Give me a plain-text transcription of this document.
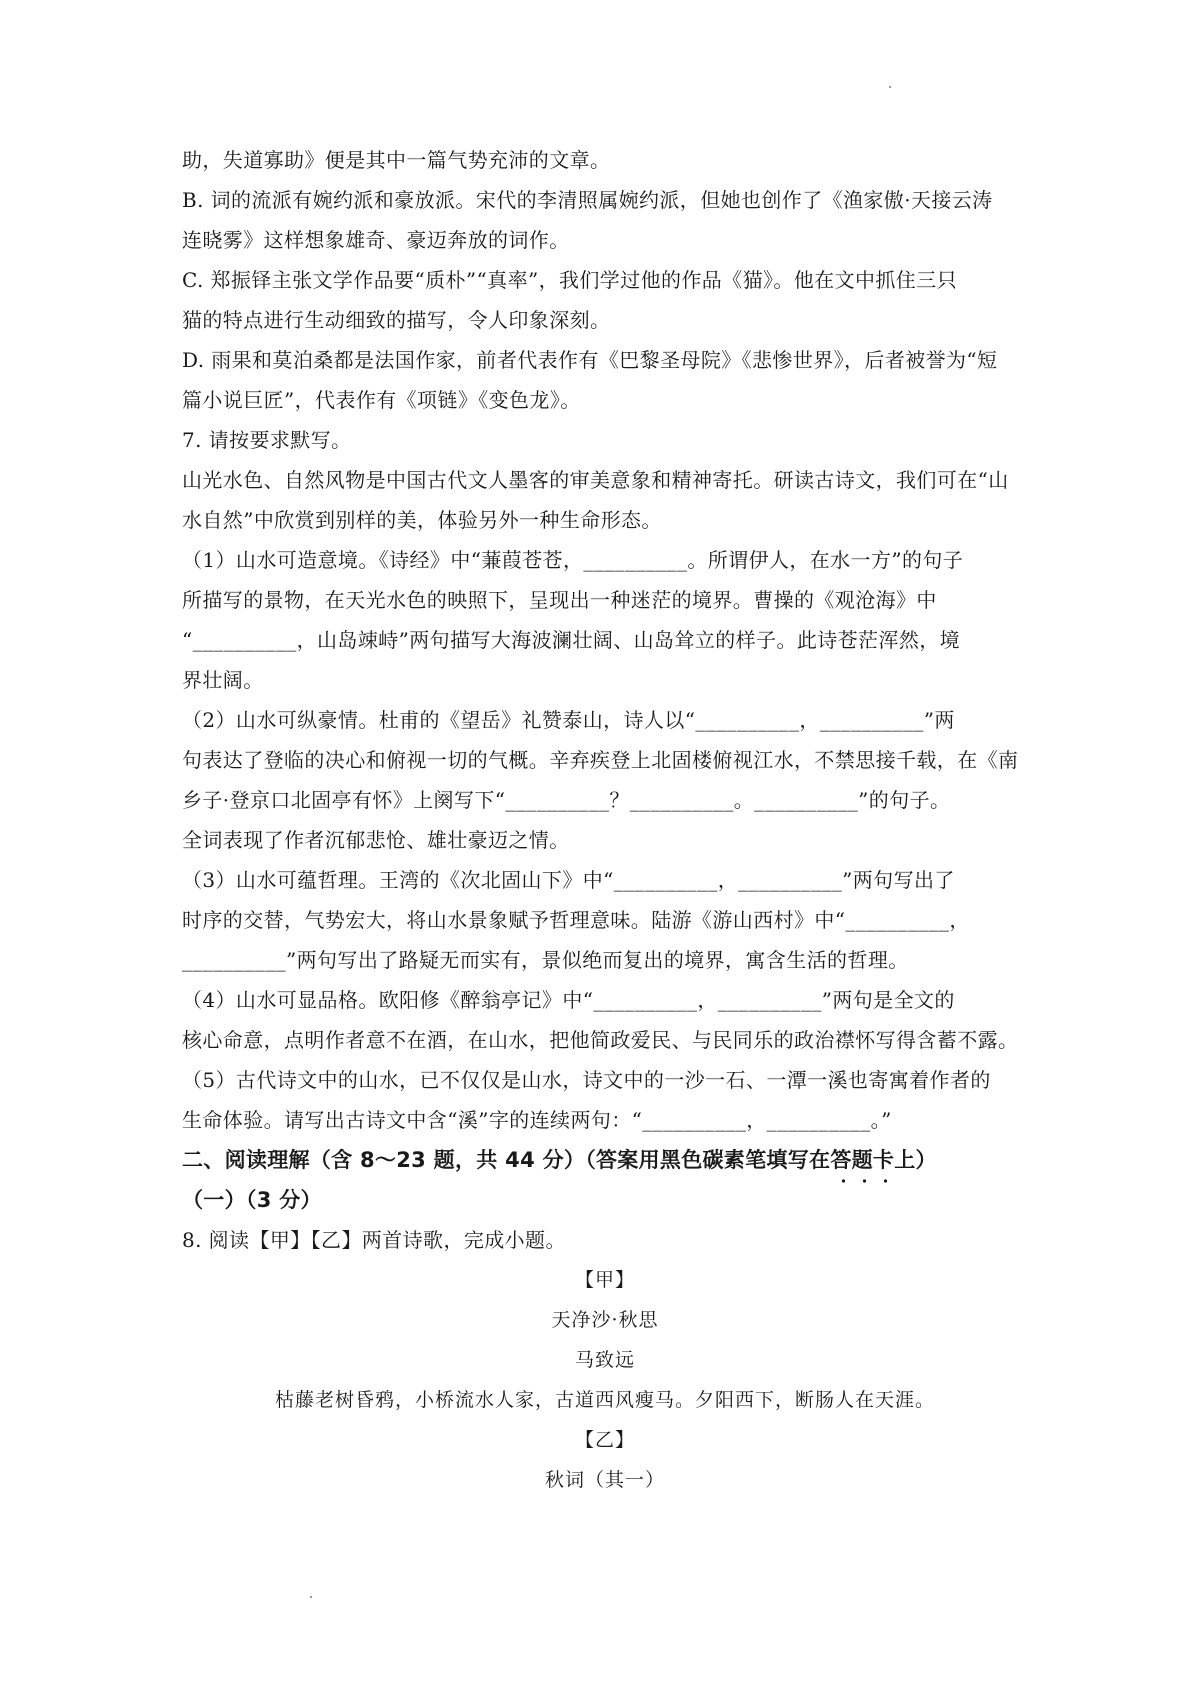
助，失道寡助》便是其中一篇气势充沛的文章。
B. 词的流派有婉约派和豪放派。宋代的李清照属婉约派，但她也创作了《渔家傲·天接云涛
连晓雾》这样想象雄奇、豪迈奔放的词作。
C. 郑振铎主张文学作品要“质朴”“真率”，我们学过他的作品《猫》。他在文中抓住三只
猫的特点进行生动细致的描写，令人印象深刻。
D. 雨果和莫泊桑都是法国作家，前者代表作有《巴黎圣母院》《悲惨世界》，后者被誉为“短
篇小说巨匠”，代表作有《项链》《变色龙》。
7. 请按要求默写。
山光水色、自然风物是中国古代文人墨客的审美意象和精神寄托。研读古诗文，我们可在“山
水自然”中欣赏到别样的美，体验另外一种生命形态。
（1）山水可造意境。《诗经》中“蒹葭苍苍，__________。所谓伊人，在水一方”的句子
所描写的景物，在天光水色的映照下，呈现出一种迷茫的境界。曹操的《观沧海》中
“__________，山岛竦峙”两句描写大海波澜壮阔、山岛耸立的样子。此诗苍茫浑然，境
界壮阔。
（2）山水可纵豪情。杜甫的《望岳》礼赞泰山，诗人以“__________，__________”两
句表达了登临的决心和俯视一切的气概。辛弃疾登上北固楼俯视江水，不禁思接千载，在《南
乡子·登京口北固亭有怀》上阕写下“__________？__________。__________”的句子。
全词表现了作者沉郁悲怆、雄壮豪迈之情。
（3）山水可蕴哲理。王湾的《次北固山下》中“__________，__________”两句写出了
时序的交替，气势宏大，将山水景象赋予哲理意味。陆游《游山西村》中“__________，
__________”两句写出了路疑无而实有，景似绝而复出的境界，寓含生活的哲理。
（4）山水可显品格。欧阳修《醉翁亭记》中“__________，__________”两句是全文的
核心命意，点明作者意不在酒，在山水，把他简政爱民、与民同乐的政治襟怀写得含蓄不露。
（5）古代诗文中的山水，已不仅仅是山水，诗文中的一沙一石、一潭一溪也寄寓着作者的
生命体验。请写出古诗文中含“溪”字的连续两句：“__________，__________。”
二、阅读理解（含 8～23 题，共 44 分）（答案用黑色碳素笔填写在答题卡上）
（一）（3 分）
8. 阅读【甲】【乙】两首诗歌，完成小题。
【甲】
天净沙·秋思
马致远
枯藤老树昏鸦，小桥流水人家，古道西风瘦马。夕阳西下，断肠人在天涯。
【乙】
秋词（其一）
